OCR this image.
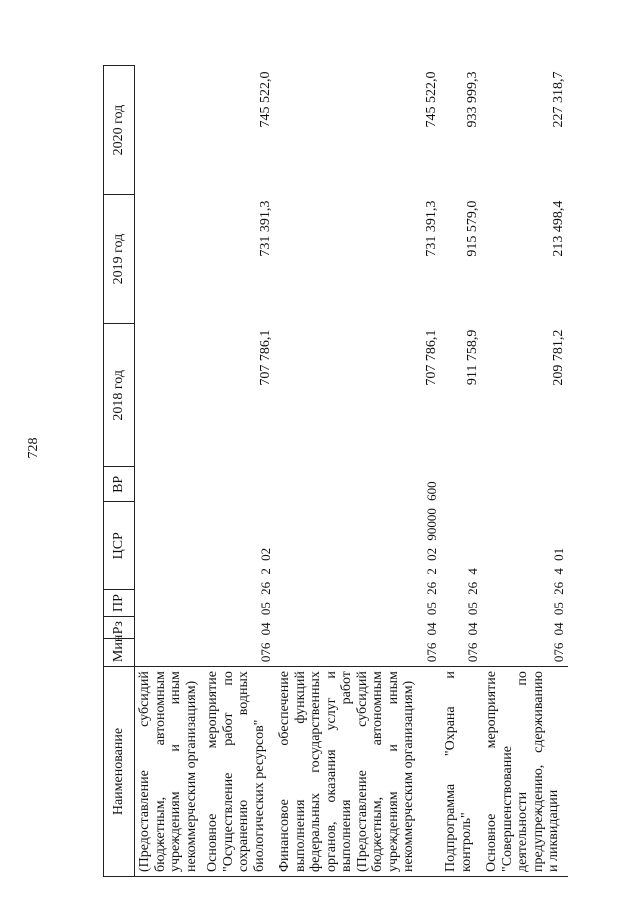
728
Наименование	Мин	Рз	ПР	ЦСР	ВР	2018 год	2019 год	2020 год
(Предоставление субсидий бюджетным, автономным учреждениям и иным некоммерческим организациям)								
Основное мероприятие "Осуществление работ по сохранению водных биологических ресурсов"	076 04 05 26 2 02					707 786,1	731 391,3	745 522,0
Финансовое обеспечение выполнения функций федеральных государственных органов, оказания услуг и выполнения работ (Предоставление субсидий бюджетным, автономным учреждениям и иным некоммерческим организациям)	076 04 05 26 2 02 90000 600					707 786,1	731 391,3	745 522,0
Подпрограмма "Охрана и контроль"	076 04 05 26 4					911 758,9	915 579,0	933 999,3
Основное мероприятие "Совершенствование деятельности по предупреждению, сдерживанию и ликвидации	076 04 05 26 4 01					209 781,2	213 498,4	227 318,7
